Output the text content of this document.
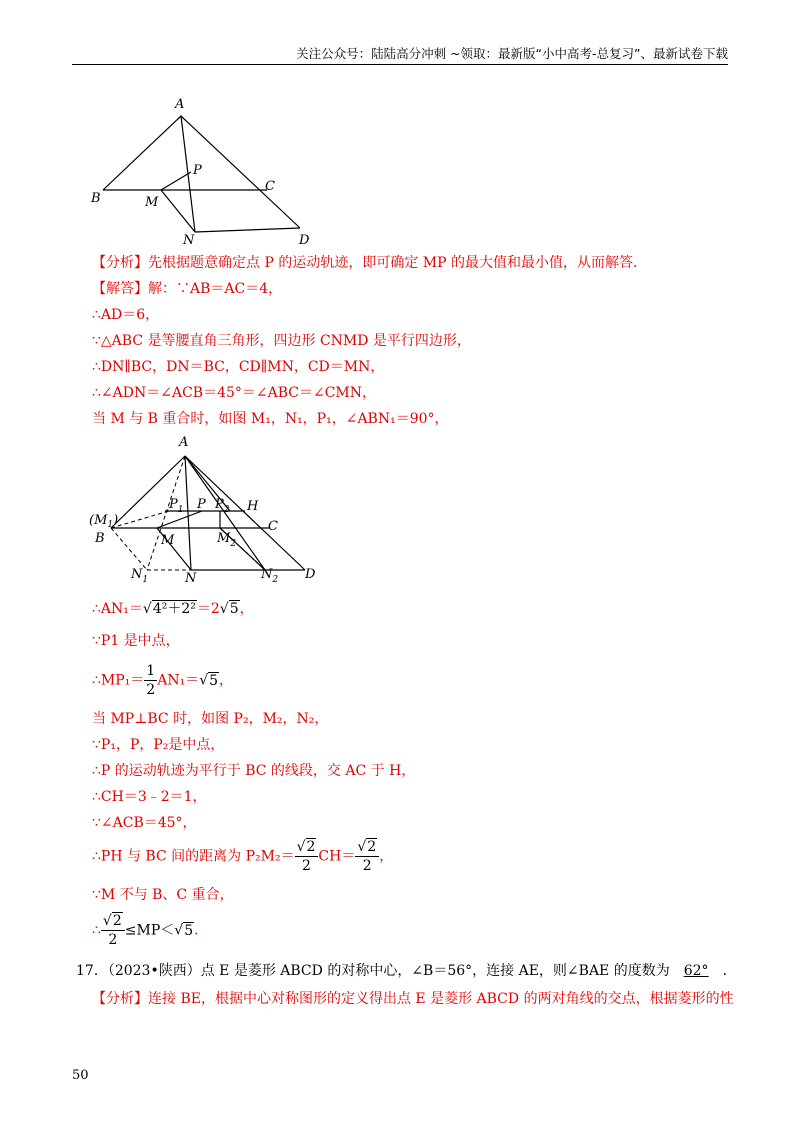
关注公众号：陆陆高分冲刺 ~领取：最新版“小中高考-总复习”、最新试卷下载
A
B
C
D
M
N
P
【分析】先根据题意确定点 P 的运动轨迹，即可确定 MP 的最大值和最小值，从而解答．
【解答】解：∵AB＝AC＝4，
∴AD＝6，
∵△ABC 是等腰直角三角形，四边形 CNMD 是平行四边形，
∴DN∥BC，DN＝BC，CD∥MN，CD＝MN，
∴∠ADN＝∠ACB＝45°＝∠ABC＝∠CMN，
当 M 与 B 重合时，如图 M₁，N₁，P₁，∠ABN₁＝90°，
A
$(M_1)$
B
C
D
H
M
N
P
$N_1$	$N_2$
$P_1$ $P_2$
$M_2$
∴AN₁＝√4²＋2²＝2√5，
∵P1 是中点，
∴MP₁＝ $\frac{1}{2} AN_1=√5$，
当 MP⊥BC 时，如图 P₂，M₂，N₂，
∵P₁，P，P₂是中点，
∴P 的运动轨迹为平行于 BC 的线段，交 AC 于 H，
∴CH＝3﹣2＝1，
∵∠ACB＝45°，
∴PH 与 BC 间的距离为 $P_2M_2= \frac{√2}{2} CH= \frac{√2}{2}$ ，
∵M 不与 B、C 重合，
∴ $\frac{√2}{2} \le MP<√5$．
17．（2023•陕西）点 E 是菱形 ABCD 的对称中心，∠B＝56°，连接 AE，则∠BAE 的度数为 62° ．
【分析】连接 BE，根据中心对称图形的定义得出点 E 是菱形 ABCD 的两对角线的交点，根据菱形的性
50
